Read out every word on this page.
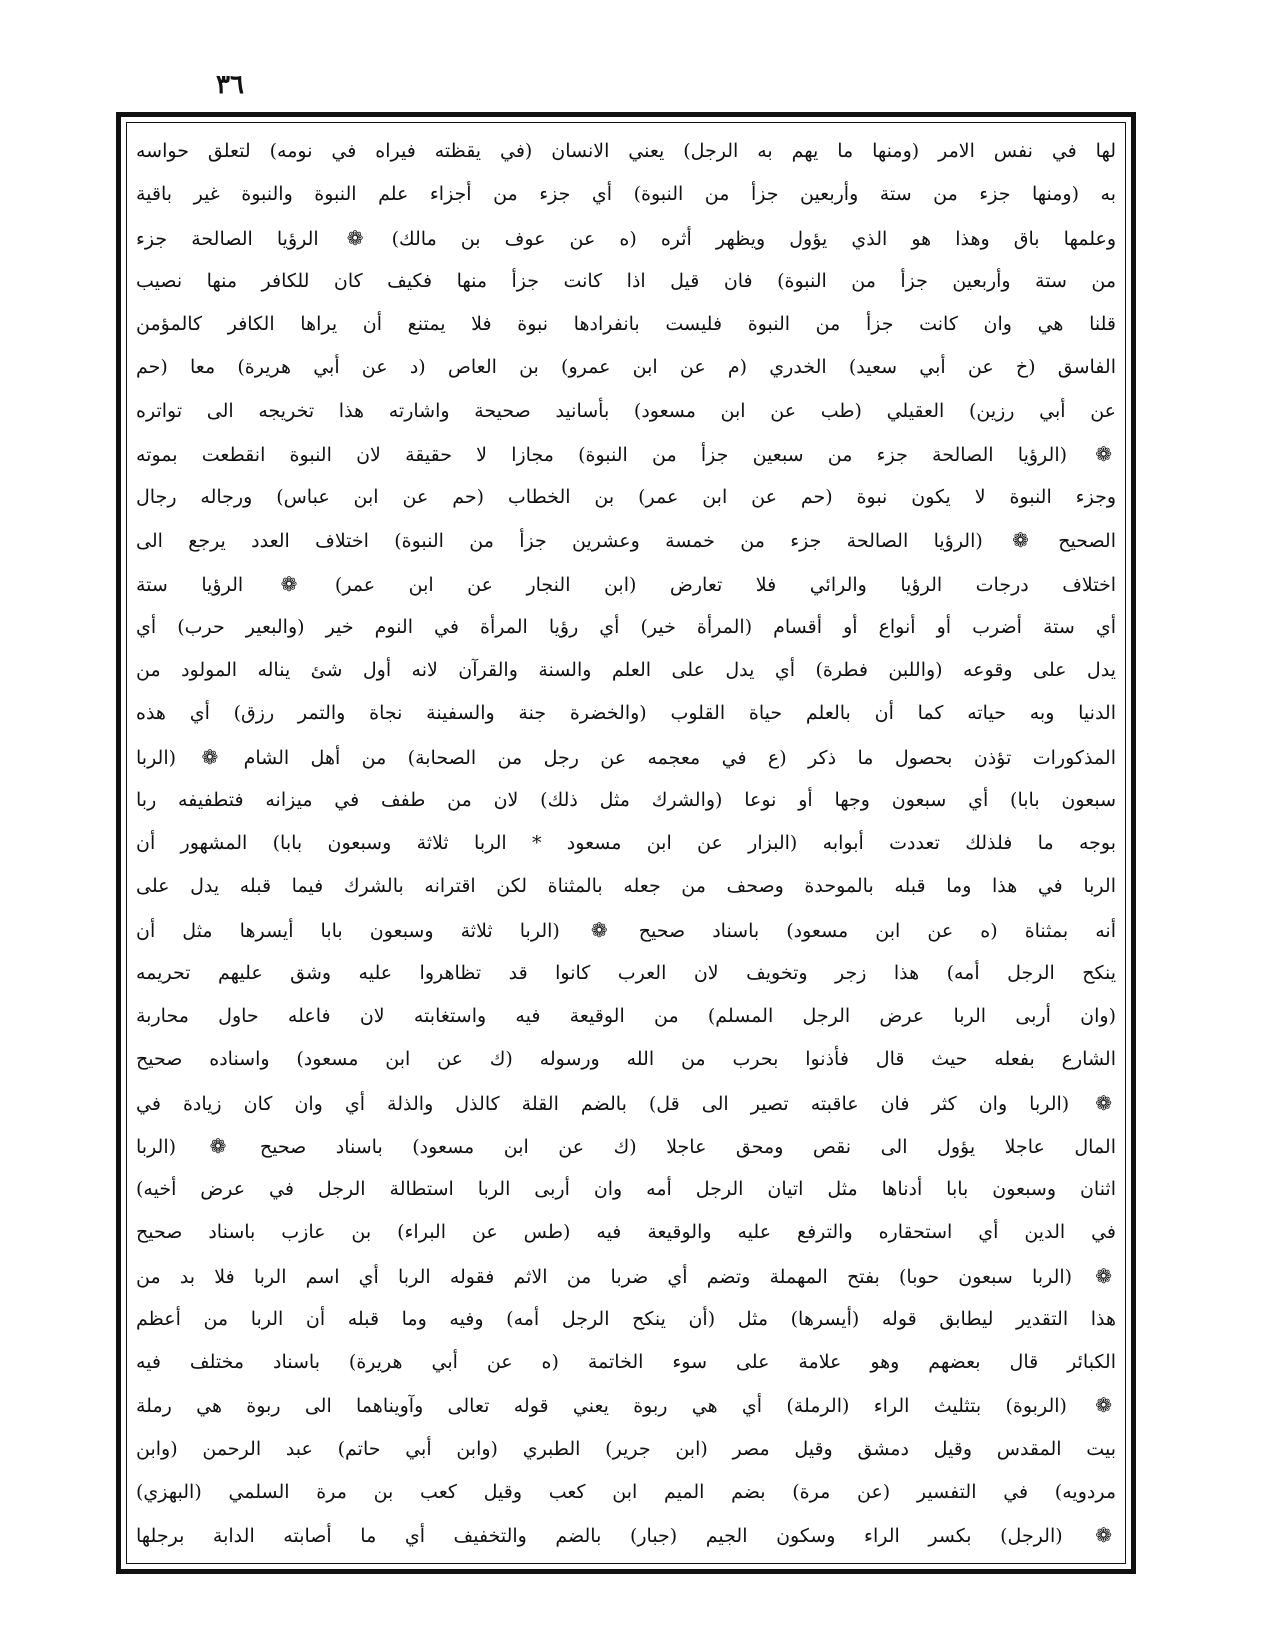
٣٦
لها في نفس الامر (ومنها ما يهم به الرجل) يعني الانسان (في يقظته فيراه في نومه) لتعلق حواسه
به (ومنها جزء من ستة وأربعين جزأ من النبوة) أي جزء من أجزاء علم النبوة والنبوة غير باقية
وعلمها باق وهذا هو الذي يؤول ويظهر أثره (ه عن عوف بن مالك) ❁ الرؤيا الصالحة جزء
من ستة وأربعين جزأ من النبوة) فان قيل اذا كانت جزأ منها فكيف كان للكافر منها نصيب
قلنا هي وان كانت جزأ من النبوة فليست بانفرادها نبوة فلا يمتنع أن يراها الكافر كالمؤمن
الفاسق (خ عن أبي سعيد) الخدري (م عن ابن عمرو) بن العاص (د عن أبي هريرة) معا (حم
عن أبي رزين) العقيلي (طب عن ابن مسعود) بأسانيد صحيحة واشارته هذا تخريجه الى تواتره
❁ (الرؤيا الصالحة جزء من سبعين جزأ من النبوة) مجازا لا حقيقة لان النبوة انقطعت بموته
وجزء النبوة لا يكون نبوة (حم عن ابن عمر) بن الخطاب (حم عن ابن عباس) ورجاله رجال
الصحيح ❁ (الرؤيا الصالحة جزء من خمسة وعشرين جزأ من النبوة) اختلاف العدد يرجع الى
اختلاف درجات الرؤيا والرائي فلا تعارض (ابن النجار عن ابن عمر) ❁ الرؤيا ستة
أي ستة أضرب أو أنواع أو أقسام (المرأة خير) أي رؤيا المرأة في النوم خير (والبعير حرب) أي
يدل على وقوعه (واللبن فطرة) أي يدل على العلم والسنة والقرآن لانه أول شئ يناله المولود من
الدنيا وبه حياته كما أن بالعلم حياة القلوب (والخضرة جنة والسفينة نجاة والتمر رزق) أي هذه
المذكورات تؤذن بحصول ما ذكر (ع في معجمه عن رجل من الصحابة) من أهل الشام ❁ (الربا
سبعون بابا) أي سبعون وجها أو نوعا (والشرك مثل ذلك) لان من طفف في ميزانه فتطفيفه ربا
بوجه ما فلذلك تعددت أبوابه (البزار عن ابن مسعود * الربا ثلاثة وسبعون بابا) المشهور أن
الربا في هذا وما قبله بالموحدة وصحف من جعله بالمثناة لكن اقترانه بالشرك فيما قبله يدل على
أنه بمثناة (ه عن ابن مسعود) باسناد صحيح ❁ (الربا ثلاثة وسبعون بابا أيسرها مثل أن
ينكح الرجل أمه) هذا زجر وتخويف لان العرب كانوا قد تظاهروا عليه وشق عليهم تحريمه
(وان أربى الربا عرض الرجل المسلم) من الوقيعة فيه واستغابته لان فاعله حاول محاربة
الشارع بفعله حيث قال فأذنوا بحرب من الله ورسوله (ك عن ابن مسعود) واسناده صحيح
❁ (الربا وان كثر فان عاقبته تصير الى قل) بالضم القلة كالذل والذلة أي وان كان زيادة في
المال عاجلا يؤول الى نقص ومحق عاجلا (ك عن ابن مسعود) باسناد صحيح ❁ (الربا
اثنان وسبعون بابا أدناها مثل اتيان الرجل أمه وان أربى الربا استطالة الرجل في عرض أخيه)
في الدين أي استحقاره والترفع عليه والوقيعة فيه (طس عن البراء) بن عازب باسناد صحيح
❁ (الربا سبعون حوبا) بفتح المهملة وتضم أي ضربا من الاثم فقوله الربا أي اسم الربا فلا بد من
هذا التقدير ليطابق قوله (أيسرها) مثل (أن ينكح الرجل أمه) وفيه وما قبله أن الربا من أعظم
الكبائر قال بعضهم وهو علامة على سوء الخاتمة (ه عن أبي هريرة) باسناد مختلف فيه
❁ (الربوة) بتثليث الراء (الرملة) أي هي ربوة يعني قوله تعالى وآويناهما الى ربوة هي رملة
بيت المقدس وقيل دمشق وقيل مصر (ابن جرير) الطبري (وابن أبي حاتم) عبد الرحمن (وابن
مردويه) في التفسير (عن مرة) بضم الميم ابن كعب وقيل كعب بن مرة السلمي (البهزي)
❁ (الرجل) بكسر الراء وسكون الجيم (جبار) بالضم والتخفيف أي ما أصابته الدابة برجلها
